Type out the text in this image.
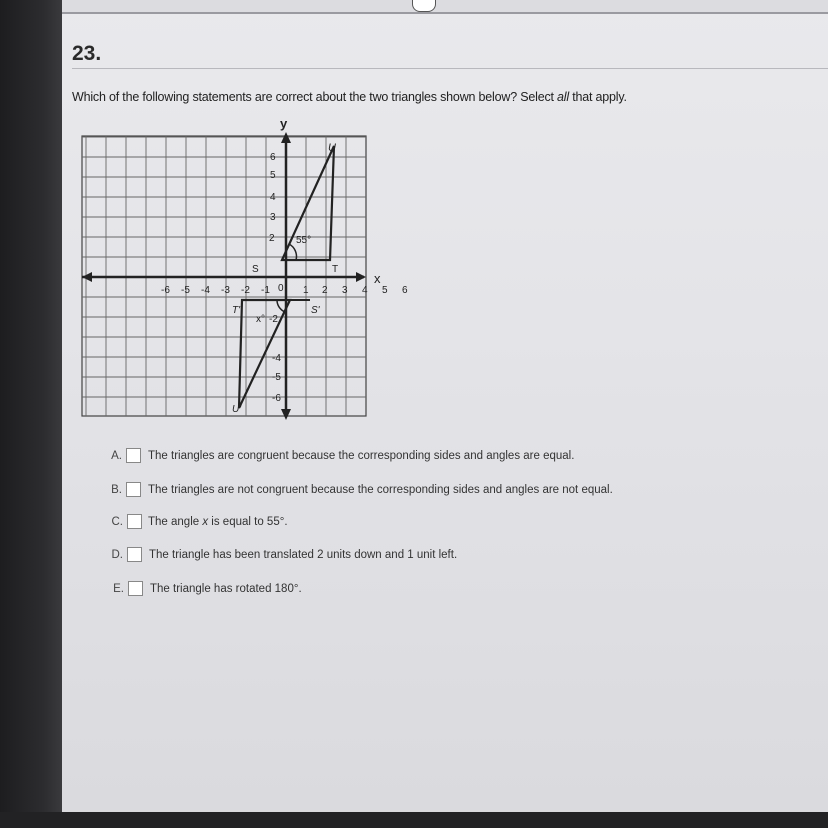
23.
Which of the following statements are correct about the two triangles shown below? Select all that apply.
y
x
-6 -5 -4 -3 -2 -1 0 1 2 3 4 5 6
6
5
4
3
-4
-5
-6
55°
2
S	T
U
T'	S'
U'
x° -2
A. The triangles are congruent because the corresponding sides and angles are equal.
B. The triangles are not congruent because the corresponding sides and angles are not equal.
C. The angle x is equal to 55°.
D. The triangle has been translated 2 units down and 1 unit left.
E. The triangle has rotated 180°.
